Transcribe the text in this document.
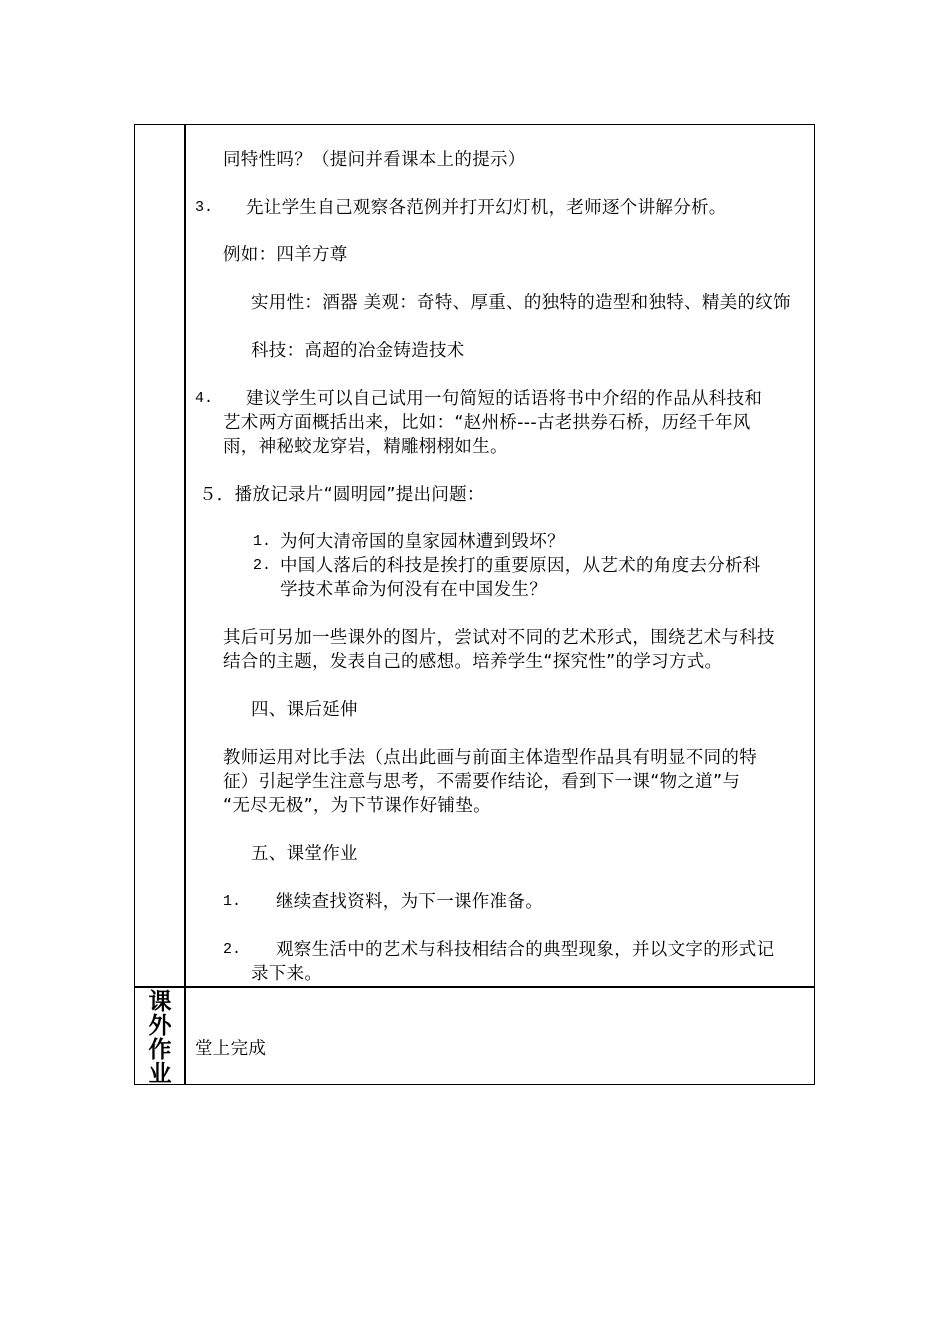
同特性吗？（提问并看课本上的提示）
3. 先让学生自己观察各范例并打开幻灯机，老师逐个讲解分析。
例如：四羊方尊
实用性：酒器 美观：奇特、厚重、的独特的造型和独特、精美的纹饰
科技：高超的冶金铸造技术
4. 建议学生可以自己试用一句简短的话语将书中介绍的作品从科技和
艺术两方面概括出来，比如：“赵州桥---古老拱券石桥，历经千年风
雨，神秘蛟龙穿岩，精雕栩栩如生。
５．播放记录片“圆明园”提出问题：
1. 为何大清帝国的皇家园林遭到毁坏？
2. 中国人落后的科技是挨打的重要原因，从艺术的角度去分析科
学技术革命为何没有在中国发生？
其后可另加一些课外的图片，尝试对不同的艺术形式，围绕艺术与科技
结合的主题，发表自己的感想。培养学生“探究性”的学习方式。
四、课后延伸
教师运用对比手法（点出此画与前面主体造型作品具有明显不同的特
征）引起学生注意与思考，不需要作结论，看到下一课“物之道”与
“无尽无极”，为下节课作好铺垫。
五、课堂作业
1. 继续查找资料，为下一课作准备。
2. 观察生活中的艺术与科技相结合的典型现象，并以文字的形式记
录下来。
课
外
作
业
堂上完成
